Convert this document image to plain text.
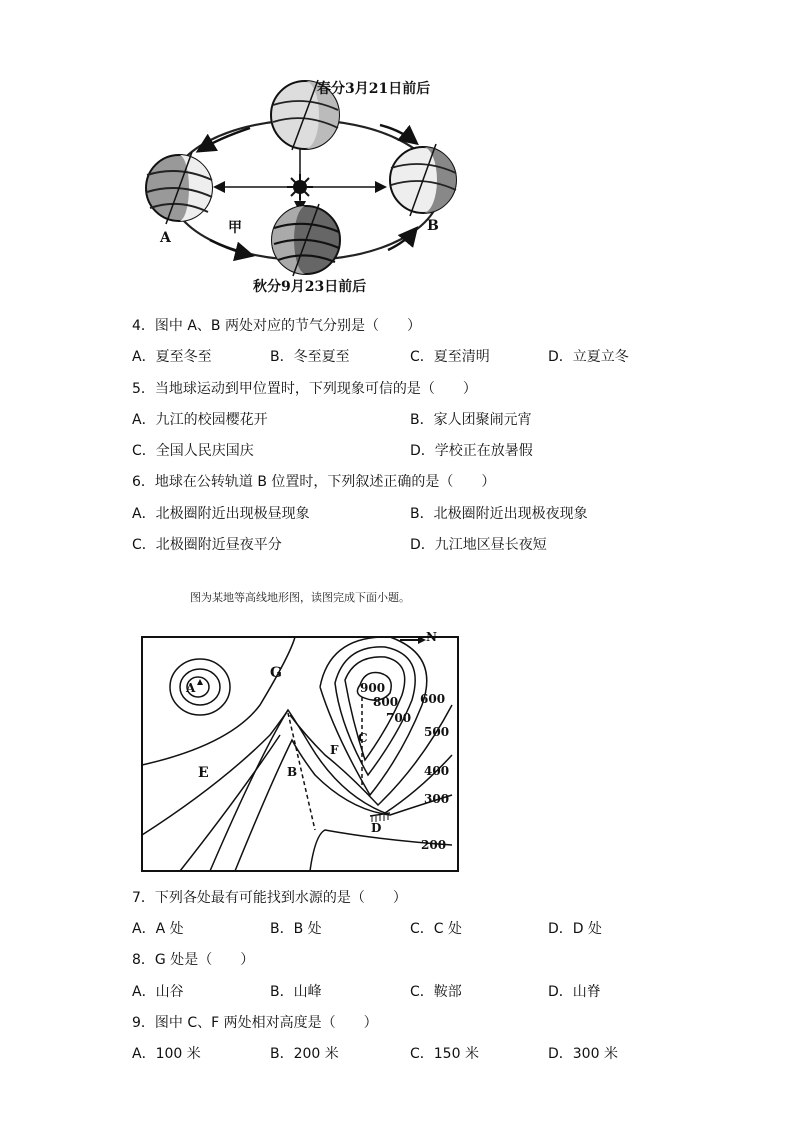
春分3月21日前后
秋分9月23日前后
A
B
甲
4．图中 A、B 两处对应的节气分别是（　　）
A．夏至冬至	B．冬至夏至	C．夏至清明	D．立夏立冬
5．当地球运动到甲位置时，下列现象可信的是（　　）
A．九江的校园樱花开	B．家人团聚闹元宵
C．全国人民庆国庆	D．学校正在放暑假
6．地球在公转轨道 B 位置时，下列叙述正确的是（　　）
A．北极圈附近出现极昼现象	B．北极圈附近出现极夜现象
C．北极圈附近昼夜平分	D．九江地区昼长夜短
图为某地等高线地形图，读图完成下面小题。
N
A
G
E	B
C
D
F
900
800
700
600
500
400
300
200
7．下列各处最有可能找到水源的是（　　）
A．A 处	B．B 处	C．C 处	D．D 处
8．G 处是（　　）
A．山谷	B．山峰	C．鞍部	D．山脊
9．图中 C、F 两处相对高度是（　　）
A．100 米	B．200 米	C．150 米	D．300 米
